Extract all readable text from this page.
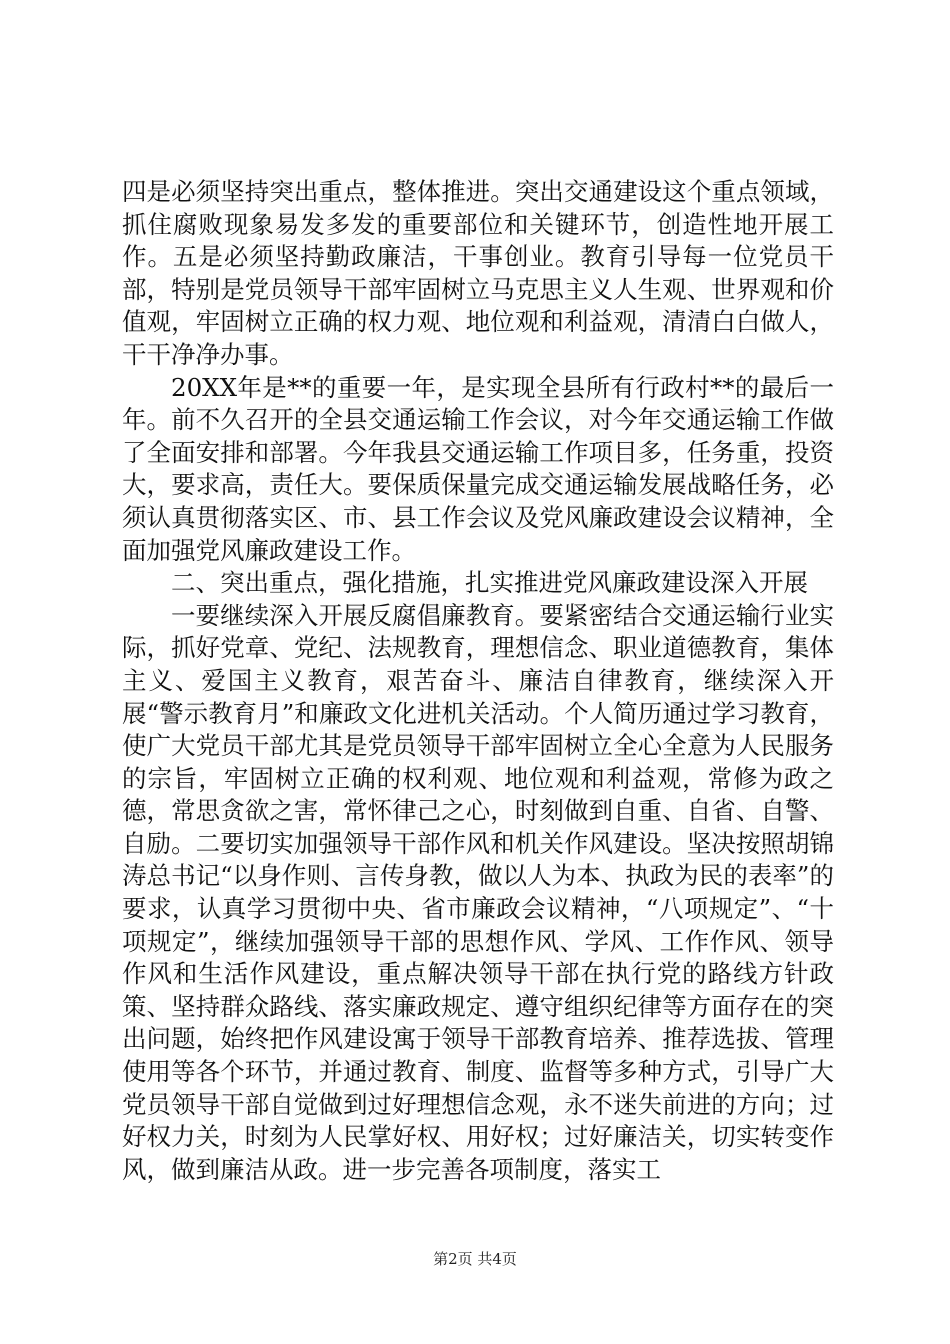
四是必须坚持突出重点，整体推进。突出交通建设这个重点领域，抓住腐败现象易发多发的重要部位和关键环节，创造性地开展工作。五是必须坚持勤政廉洁，干事创业。教育引导每一位党员干部，特别是党员领导干部牢固树立马克思主义人生观、世界观和价值观，牢固树立正确的权力观、地位观和利益观，清清白白做人，干干净净办事。

20XX年是**的重要一年，是实现全县所有行政村**的最后一年。前不久召开的全县交通运输工作会议，对今年交通运输工作做了全面安排和部署。今年我县交通运输工作项目多，任务重，投资大，要求高，责任大。要保质保量完成交通运输发展战略任务，必须认真贯彻落实区、市、县工作会议及党风廉政建设会议精神，全面加强党风廉政建设工作。

二、突出重点，强化措施，扎实推进党风廉政建设深入开展

一要继续深入开展反腐倡廉教育。要紧密结合交通运输行业实际，抓好党章、党纪、法规教育，理想信念、职业道德教育，集体主义、爱国主义教育，艰苦奋斗、廉洁自律教育，继续深入开展“警示教育月”和廉政文化进机关活动。个人简历通过学习教育，使广大党员干部尤其是党员领导干部牢固树立全心全意为人民服务的宗旨，牢固树立正确的权利观、地位观和利益观，常修为政之德，常思贪欲之害，常怀律己之心，时刻做到自重、自省、自警、自励。二要切实加强领导干部作风和机关作风建设。坚决按照胡锦涛总书记“以身作则、言传身教，做以人为本、执政为民的表率”的要求，认真学习贯彻中央、省市廉政会议精神，“八项规定”、“十项规定”，继续加强领导干部的思想作风、学风、工作作风、领导作风和生活作风建设，重点解决领导干部在执行党的路线方针政策、坚持群众路线、落实廉政规定、遵守组织纪律等方面存在的突出问题，始终把作风建设寓于领导干部教育培养、推荐选拔、管理使用等各个环节，并通过教育、制度、监督等多种方式，引导广大党员领导干部自觉做到过好理想信念观，永不迷失前进的方向；过好权力关，时刻为人民掌好权、用好权；过好廉洁关，切实转变作风，做到廉洁从政。进一步完善各项制度，落实工

第2页 共4页
